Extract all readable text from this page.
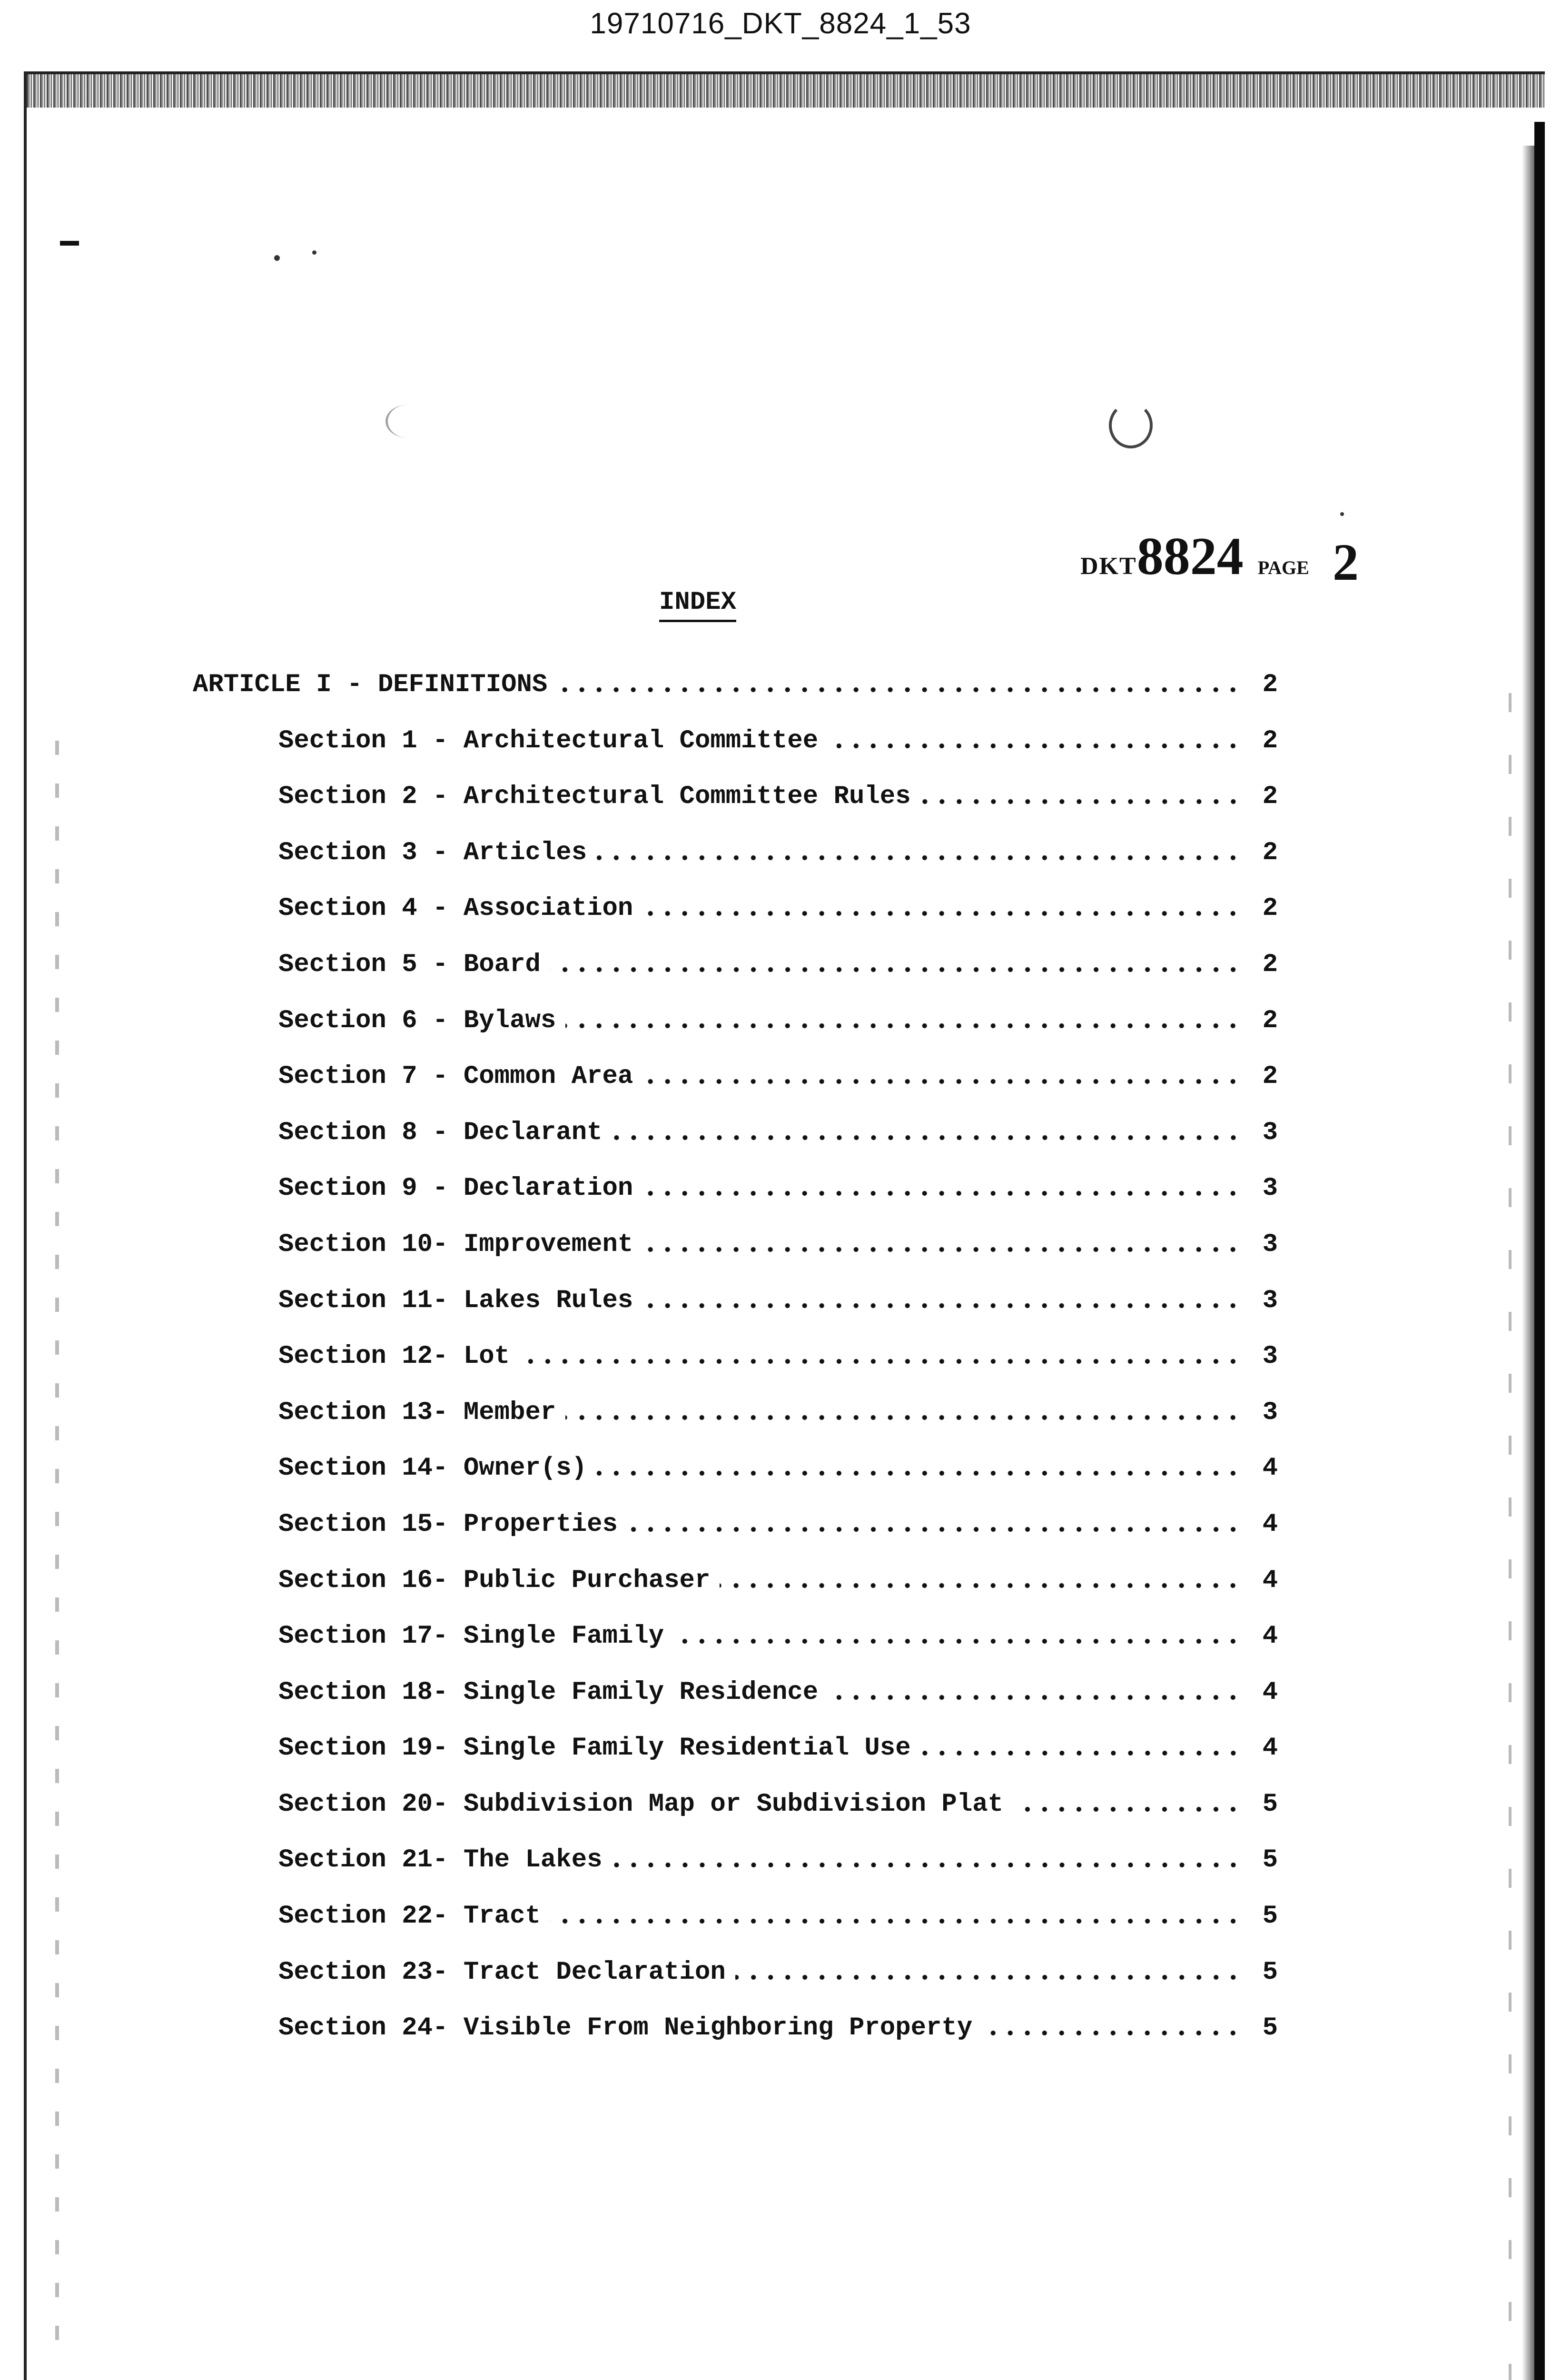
19710716_DKT_8824_1_53
DKT8824 PAGE 2
INDEX
ARTICLE I - DEFINITIONS	2
Section 1 - Architectural Committee	2
Section 2 - Architectural Committee Rules	2
Section 3 - Articles	2
Section 4 - Association	2
Section 5 - Board	2
Section 6 - Bylaws	2
Section 7 - Common Area	2
Section 8 - Declarant	3
Section 9 - Declaration	3
Section 10- Improvement	3
Section 11- Lakes Rules	3
Section 12- Lot	3
Section 13- Member	3
Section 14- Owner(s)	4
Section 15- Properties	4
Section 16- Public Purchaser	4
Section 17- Single Family	4
Section 18- Single Family Residence	4
Section 19- Single Family Residential Use	4
Section 20- Subdivision Map or Subdivision Plat	5
Section 21- The Lakes	5
Section 22- Tract	5
Section 23- Tract Declaration	5
Section 24- Visible From Neighboring Property	5
